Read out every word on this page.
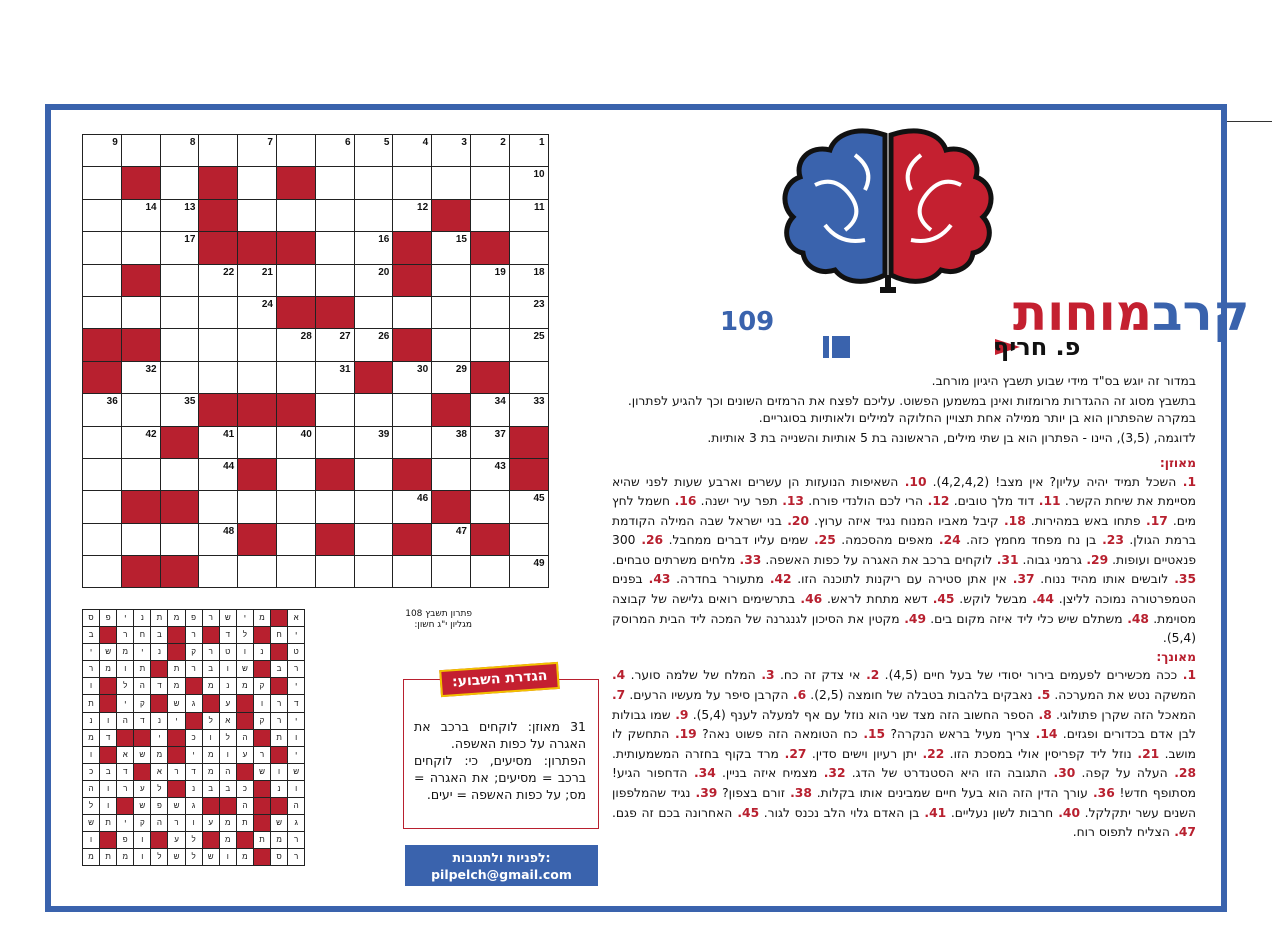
9		8		7		6	5	4	3	2	1

											10

	14	13						12			11

		17					16		15		

			22	21			20			19	18

				24							23

					28	27	26				25

	32					31		30	29		

36		35								34	33

	42		41		40		39		38	37	

			44							43	

								46			45

			48						47		

											49
ס	פ	י	נ	ת	מ	פ	ר	ש	י	מ		א
ב		ר	ח	ב		ר		ד	ל		ח	י
י	ש	מ	י	נ		ק	ר	ט	ו	נ		ט
ר	מ	ו	ת		ת	ר	ב	ו	ש		ב	ר
ו		ל	ה	ד	מ		מ	נ	מ	ק		י
ת		י	ק		ש	ג		ע		ו	ר	ד
נ	ו	ה	ד	נ	י		ל	א		ק	ר	י
מ	ד			י		כ	ו	ל	ה		ת	ו
ו		א	ש	מ		י	מ	ו	ע	ר		י
כ	ב	ד		א	ר	ד	מ	ה		ש	ו	ש
ה	ו	ר	ע	ל		נ	ב	ב	כ		נ	ו
ל	ו		ש	פ	ש	ג			ה			ה
ש	ת	י	ק	ה	ר	ו	ע	מ	ת		ש	ג
ו		פ	ו		ע	ל		מ		ת	מ	ר
מ	ת	מ	ו	ל	ש	ל	ש	ו	מ		ס	ר
פתרון תשבץ 108
מגליון י"ג חשון:
הגדרת השבוע:

31 מאוזן: לוקחים ברכב את האגרה על כפות האשפה.

הפתרון: מסיעים, כי: לוקחים ברכב = מסיעים; את האגרה = מס; על כפות האשפה = יעים.

לפניות ולתגובות:
pilpelch@gmail.com
קרבמוחות
109
פ. חריף

במדור זה יוגש בס"ד מידי שבוע תשבץ היגיון מורחב.

בתשבץ מסוג זה ההגדרות מרומזות ואינן במשמען הפשוט. עליכם לפצח את הרמזים השונים וכך להגיע לפתרון. במקרה שהפתרון הוא בן יותר ממילה אחת תצויין החלוקה למילים ולאותיות בסוגריים.

לדוגמה, (3,5), היינו - הפתרון הוא בן שתי מילים, הראשונה בת 5 אותיות והשנייה בת 3 אותיות.

מאוזן:
1. השכל תמיד יהיה עליון? אין מצב! (4,2,4,2). 10. השאיפות הנועזות הן עשרים וארבע שעות לפני שהיא מסיימת את שיחת הקשר. 11. דוד מלך טובים. 12. הרי לכם הולנדי פורח. 13. תפר עיר ישנה. 16. חשמל לחץ מים. 17. פתחו באש במהירות. 18. קיבל מאביו המנוח נגיד איזה ערוץ. 20. בני ישראל שבה המילה הקודמת ברמת הגולן. 23. בן נח מפחד מחמץ כזה. 24. מאפים מהסכמה. 25. שמים עליו דברים ממחבל. 26. 300 פנאטיים ועופות. 29. גרמני גבוה. 31. לוקחים ברכב את האגרה על כפות האשפה. 33. מלחים משרתים טבחים. 35. לובשים אותו מהיד ננוח. 37. אין אתן סטירה עם ריקנות לתוכנה הזו. 42. מתעורר בחדרה. 43. בפנים הטמפרטורה נמוכה לליצן. 44. מבשל לוקש. 45. דשא מתחת לראש. 46. בתרשימים רואים גלישה של קבוצה מסוימת. 48. משתלם שיש כלי ליד איזה מקום בים. 49. מקטין את הסיכון לגנגרנה של המכה ליד הבית המרוסק (5,4).
מאונך:
1. ככה מכשירים לפעמים בירור יסודי של בעל חיים (4,5). 2. אי צדק זה כח. 3. המלח של שלמה סוער. 4. המשקה נטש את המערכה. 5. נאבקים בלהבות בטבלה של חומצה (2,5). 6. הקרבן סיפר על מעשיו הרעים. 7. המאכל הזה שקרן פתולוגי. 8. הספר החשוב הזה מצד שני הוא נוזל עם אף למעלה לענף (5,4). 9. שמו גבולות לבן אדם בכדורים ופגזים. 14. צריך מעיל בראש הנקרה? 15. כח הטומאה הזה פשוט נאה? 19. התחשק לו מושב. 21. נוזל ליד קפריסין אולי במסכת הזו. 22. יתן רעיון וישים סדין. 27. מרד בקוף בחזרה המשמעותית. 28. העלה על קפה. 30. התגובה הזו היא הסטנדרט של הדג. 32. מצמיח איזה בניין. 34. הדחפור הגיע! מסתופף חדש! 36. עורך הדין הזה הוא בעל חיים שמבינים אותו בקלות. 38. זורם בצפון? 39. נגיד שהמלפפון השנים עשר יתקלקל. 40. חרבות לשון נעליים. 41. בן האדם גלוי הלב נכנס לגור. 45. האחרונה בכם זה פגם. 47. הצליח לתפוס רוח.
